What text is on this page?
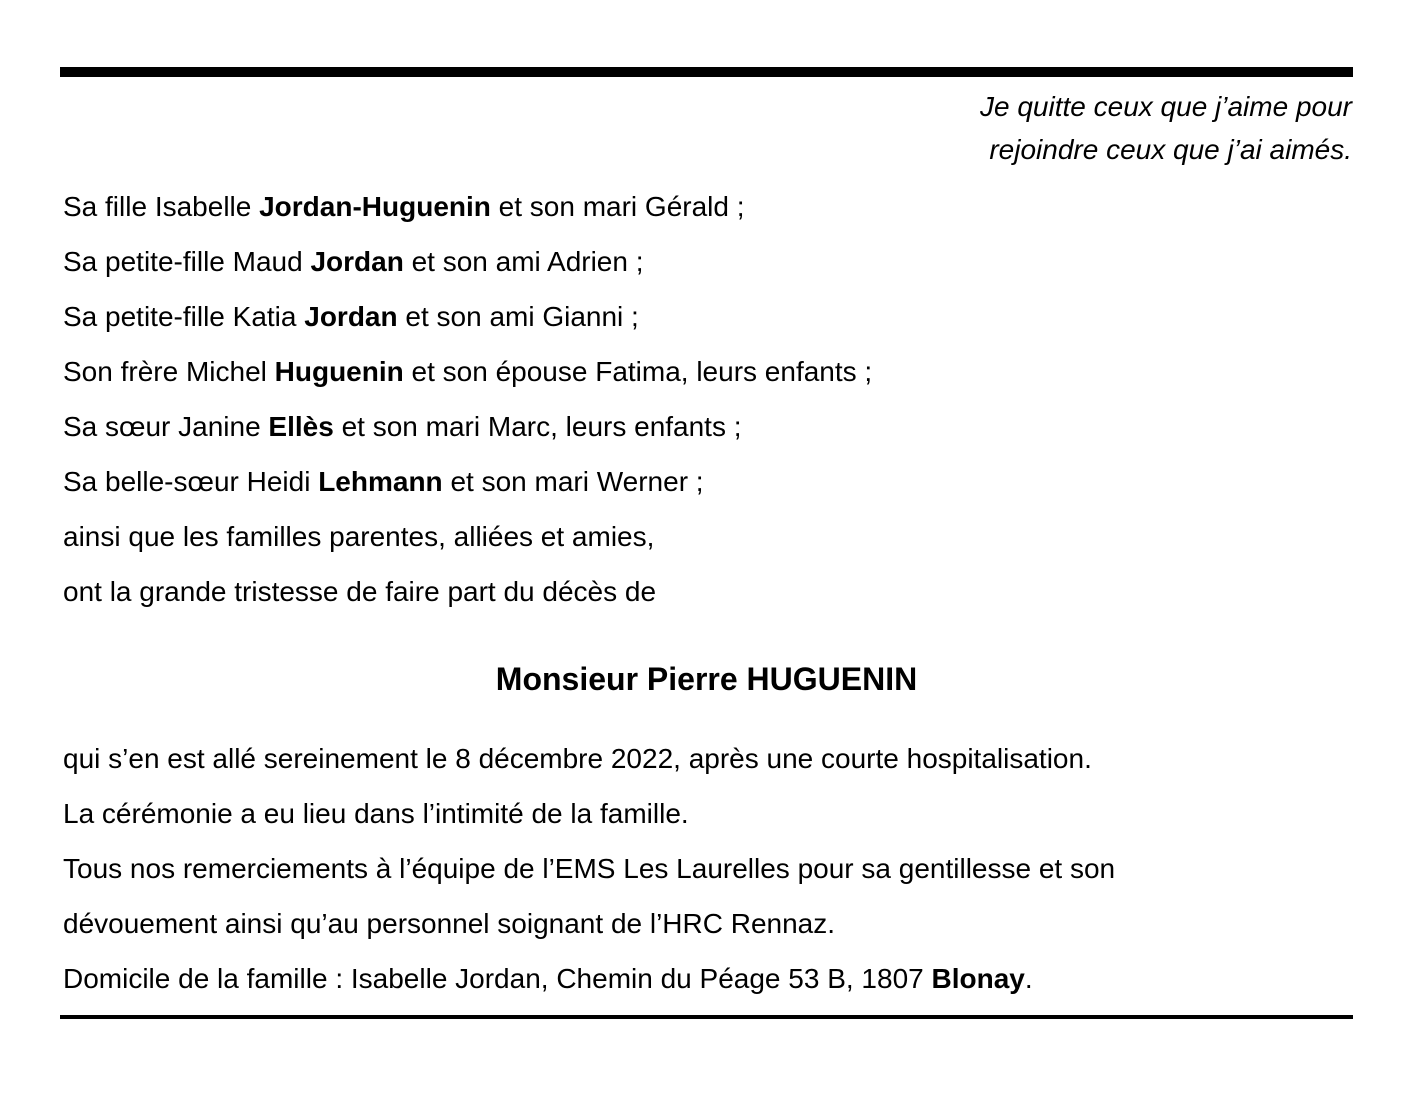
Je quitte ceux que j’aime pour
rejoindre ceux que j’ai aimés.
Sa fille Isabelle Jordan-Huguenin et son mari Gérald ;
Sa petite-fille Maud Jordan et son ami Adrien ;
Sa petite-fille Katia Jordan et son ami Gianni ;
Son frère Michel Huguenin et son épouse Fatima, leurs enfants ;
Sa sœur Janine Ellès et son mari Marc, leurs enfants ;
Sa belle-sœur Heidi Lehmann et son mari Werner ;
ainsi que les familles parentes, alliées et amies,
ont la grande tristesse de faire part du décès de
Monsieur Pierre HUGUENIN
qui s’en est allé sereinement le 8 décembre 2022, après une courte hospitalisation.
La cérémonie a eu lieu dans l’intimité de la famille.
Tous nos remerciements à l’équipe de l’EMS Les Laurelles pour sa gentillesse et son
dévouement ainsi qu’au personnel soignant de l’HRC Rennaz.
Domicile de la famille : Isabelle Jordan, Chemin du Péage 53 B, 1807 Blonay.
